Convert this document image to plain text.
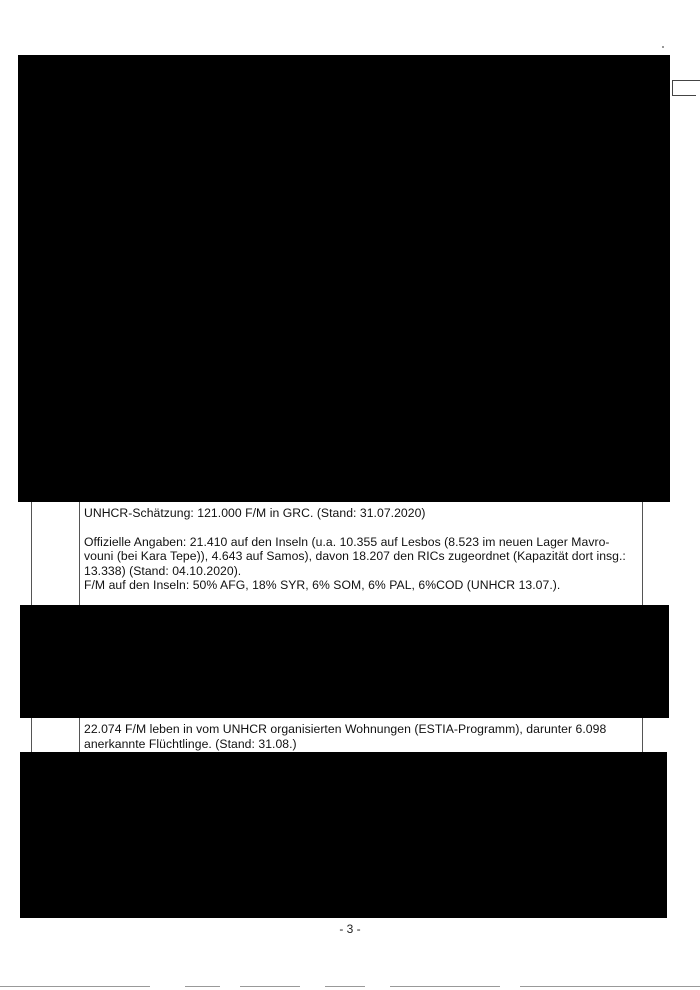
UNHCR-Schätzung: 121.000 F/M in GRC. (Stand: 31.07.2020)

Offizielle Angaben: 21.410 auf den Inseln (u.a. 10.355 auf Lesbos (8.523 im neuen Lager Mavro-

vouni (bei Kara Tepe)), 4.643 auf Samos), davon 18.207 den RICs zugeordnet (Kapazität dort insg.:

13.338) (Stand: 04.10.2020).

F/M auf den Inseln: 50% AFG, 18% SYR, 6% SOM, 6% PAL, 6%COD (UNHCR 13.07.).

22.074 F/M leben in vom UNHCR organisierten Wohnungen (ESTIA-Programm), darunter 6.098

anerkannte Flüchtlinge. (Stand: 31.08.)

- 3 -
